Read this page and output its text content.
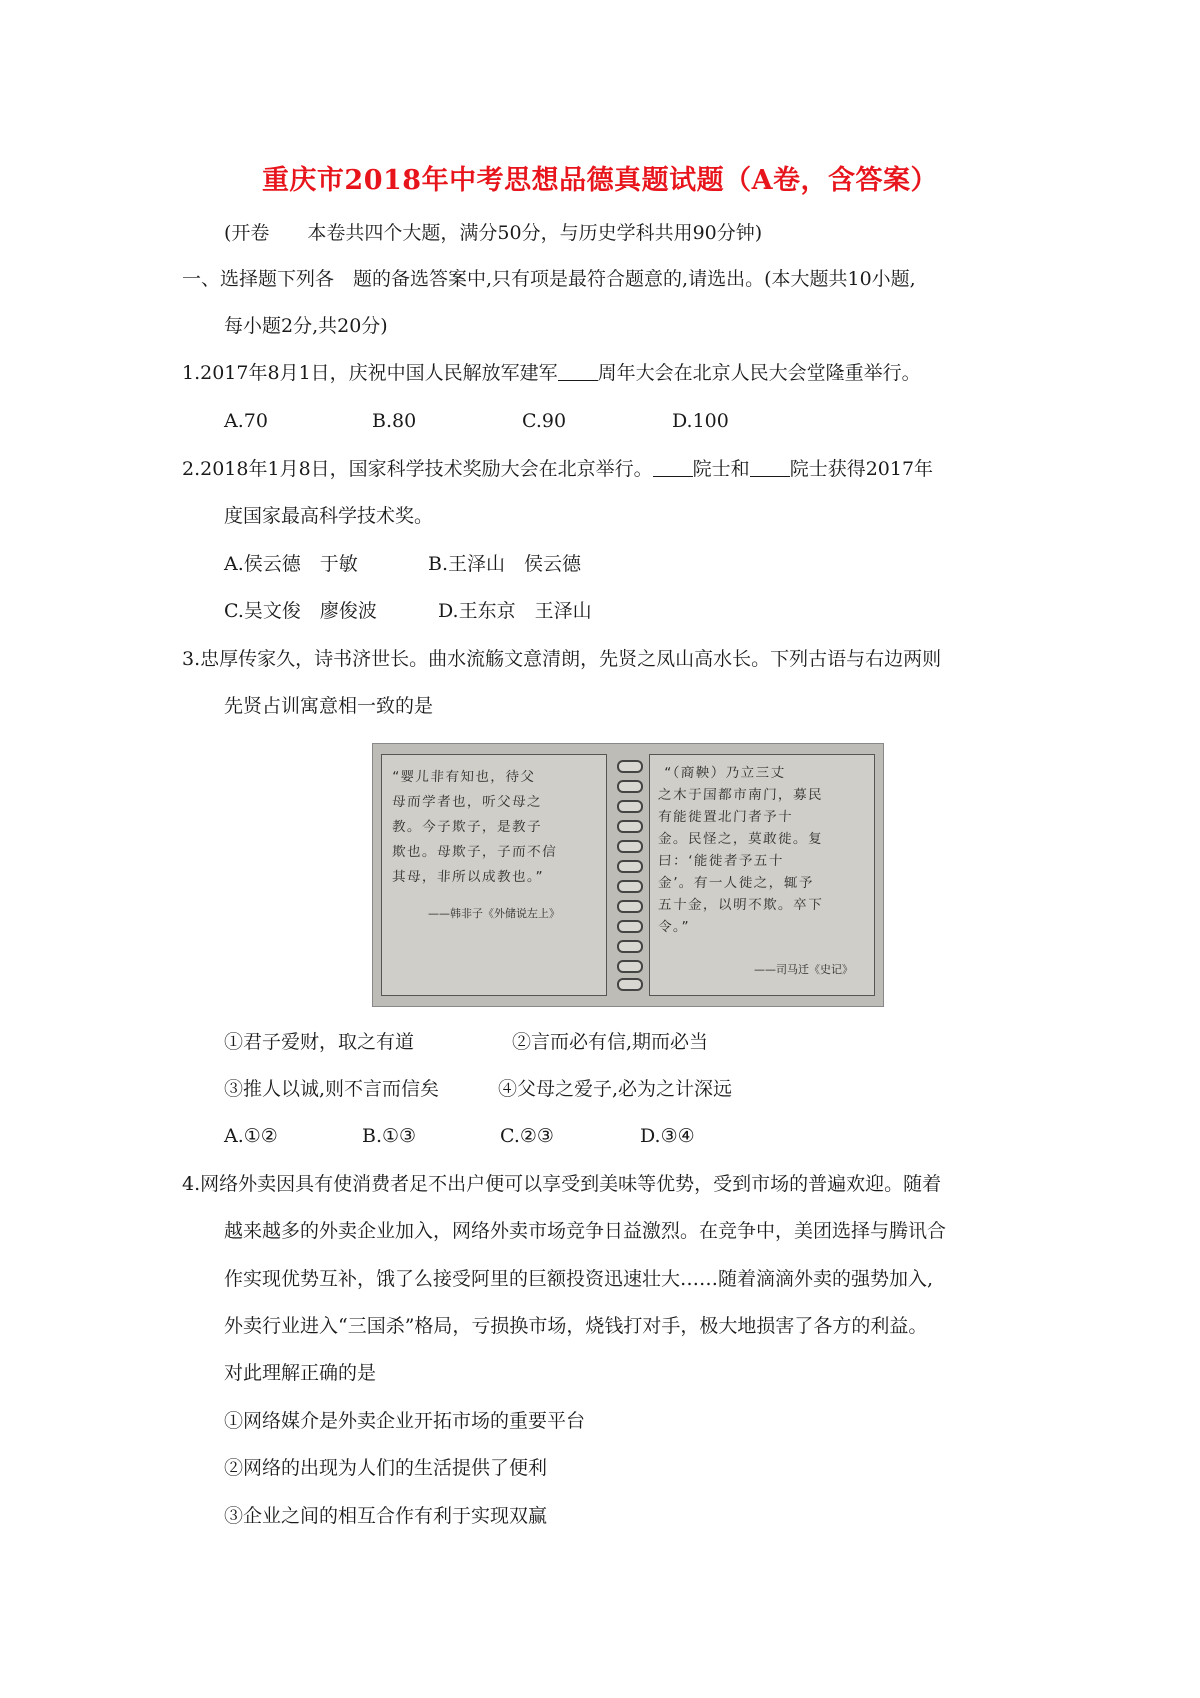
重庆市2018年中考思想品德真题试题（A卷，含答案）
(开卷　　本卷共四个大题，满分50分，与历史学科共用90分钟)
一、选择题下列各　题的备选答案中,只有项是最符合题意的,请选出。(本大题共10小题,
每小题2分,共20分)
1.2017年8月1日，庆祝中国人民解放军建军 周年大会在北京人民大会堂隆重举行。
A.70	B.80	C.90	D.100
2.2018年1月8日，国家科学技术奖励大会在北京举行。 院士和 院士获得2017年
度国家最高科学技术奖。
A.侯云德　于敏	B.王泽山　侯云德
C.吴文俊　廖俊波	D.王东京　王泽山
3.忠厚传家久，诗书济世长。曲水流觞文意清朗，先贤之凤山高水长。下列古语与右边两则
先贤占训寓意相一致的是
“婴儿非有知也，待父
母而学者也，听父母之
教。今子欺子，是教子
欺也。母欺子，子而不信
其母，非所以成教也。”
——韩非子《外储说左上》
“（商鞅）乃立三丈
之木于国都市南门，募民
有能徙置北门者予十
金。民怪之，莫敢徙。复
曰：‘能徙者予五十
金’。有一人徙之，辄予
五十金，以明不欺。卒下
令。”
——司马迁《史记》
①君子爱财，取之有道	②言而必有信,期而必当
③推人以诚,则不言而信矣	④父母之爱子,必为之计深远
A.①②	B.①③	C.②③	D.③④
4.网络外卖因具有使消费者足不出户便可以享受到美味等优势，受到市场的普遍欢迎。随着
越来越多的外卖企业加入，网络外卖市场竞争日益激烈。在竞争中，美团选择与腾讯合
作实现优势互补，饿了么接受阿里的巨额投资迅速壮大……随着滴滴外卖的强势加入,
外卖行业进入“三国杀”格局，亏损换市场，烧钱打对手，极大地损害了各方的利益。
对此理解正确的是
①网络媒介是外卖企业开拓市场的重要平台
②网络的出现为人们的生活提供了便利
③企业之间的相互合作有利于实现双赢
